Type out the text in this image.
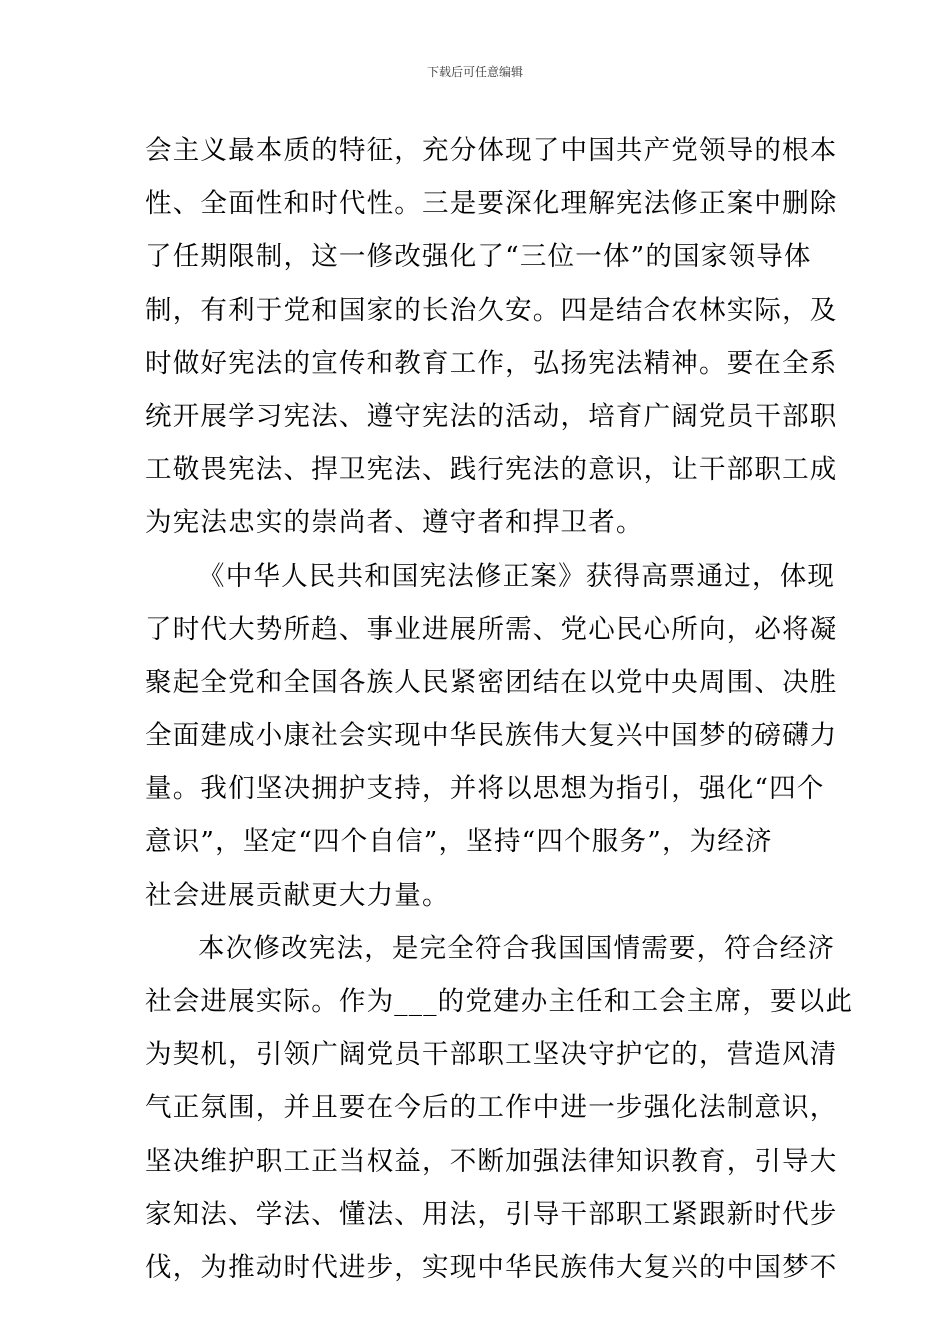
下载后可任意编辑
会主义最本质的特征，充分体现了中国共产党领导的根本
性、全面性和时代性。三是要深化理解宪法修正案中删除
了任期限制，这一修改强化了“三位一体”的国家领导体
制，有利于党和国家的长治久安。四是结合农林实际，及
时做好宪法的宣传和教育工作，弘扬宪法精神。要在全系
统开展学习宪法、遵守宪法的活动，培育广阔党员干部职
工敬畏宪法、捍卫宪法、践行宪法的意识，让干部职工成
为宪法忠实的崇尚者、遵守者和捍卫者。
《中华人民共和国宪法修正案》获得高票通过，体现
了时代大势所趋、事业进展所需、党心民心所向，必将凝
聚起全党和全国各族人民紧密团结在以党中央周围、决胜
全面建成小康社会实现中华民族伟大复兴中国梦的磅礴力
量。我们坚决拥护支持，并将以思想为指引，强化“四个
意识”，坚定“四个自信”，坚持“四个服务”，为经济
社会进展贡献更大力量。
本次修改宪法，是完全符合我国国情需要，符合经济
社会进展实际。作为___的党建办主任和工会主席，要以此
为契机，引领广阔党员干部职工坚决守护它的，营造风清
气正氛围，并且要在今后的工作中进一步强化法制意识，
坚决维护职工正当权益，不断加强法律知识教育，引导大
家知法、学法、懂法、用法，引导干部职工紧跟新时代步
伐，为推动时代进步，实现中华民族伟大复兴的中国梦不
